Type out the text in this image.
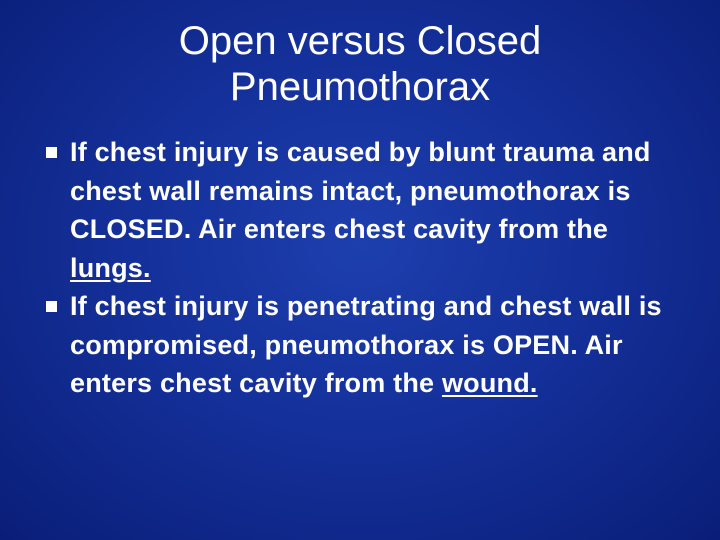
Open versus Closed
Pneumothorax
If chest injury is caused by blunt trauma and chest wall remains intact, pneumothorax is CLOSED. Air enters chest cavity from the lungs.
If chest injury is penetrating and chest wall is compromised, pneumothorax is OPEN. Air enters chest cavity from the wound.
